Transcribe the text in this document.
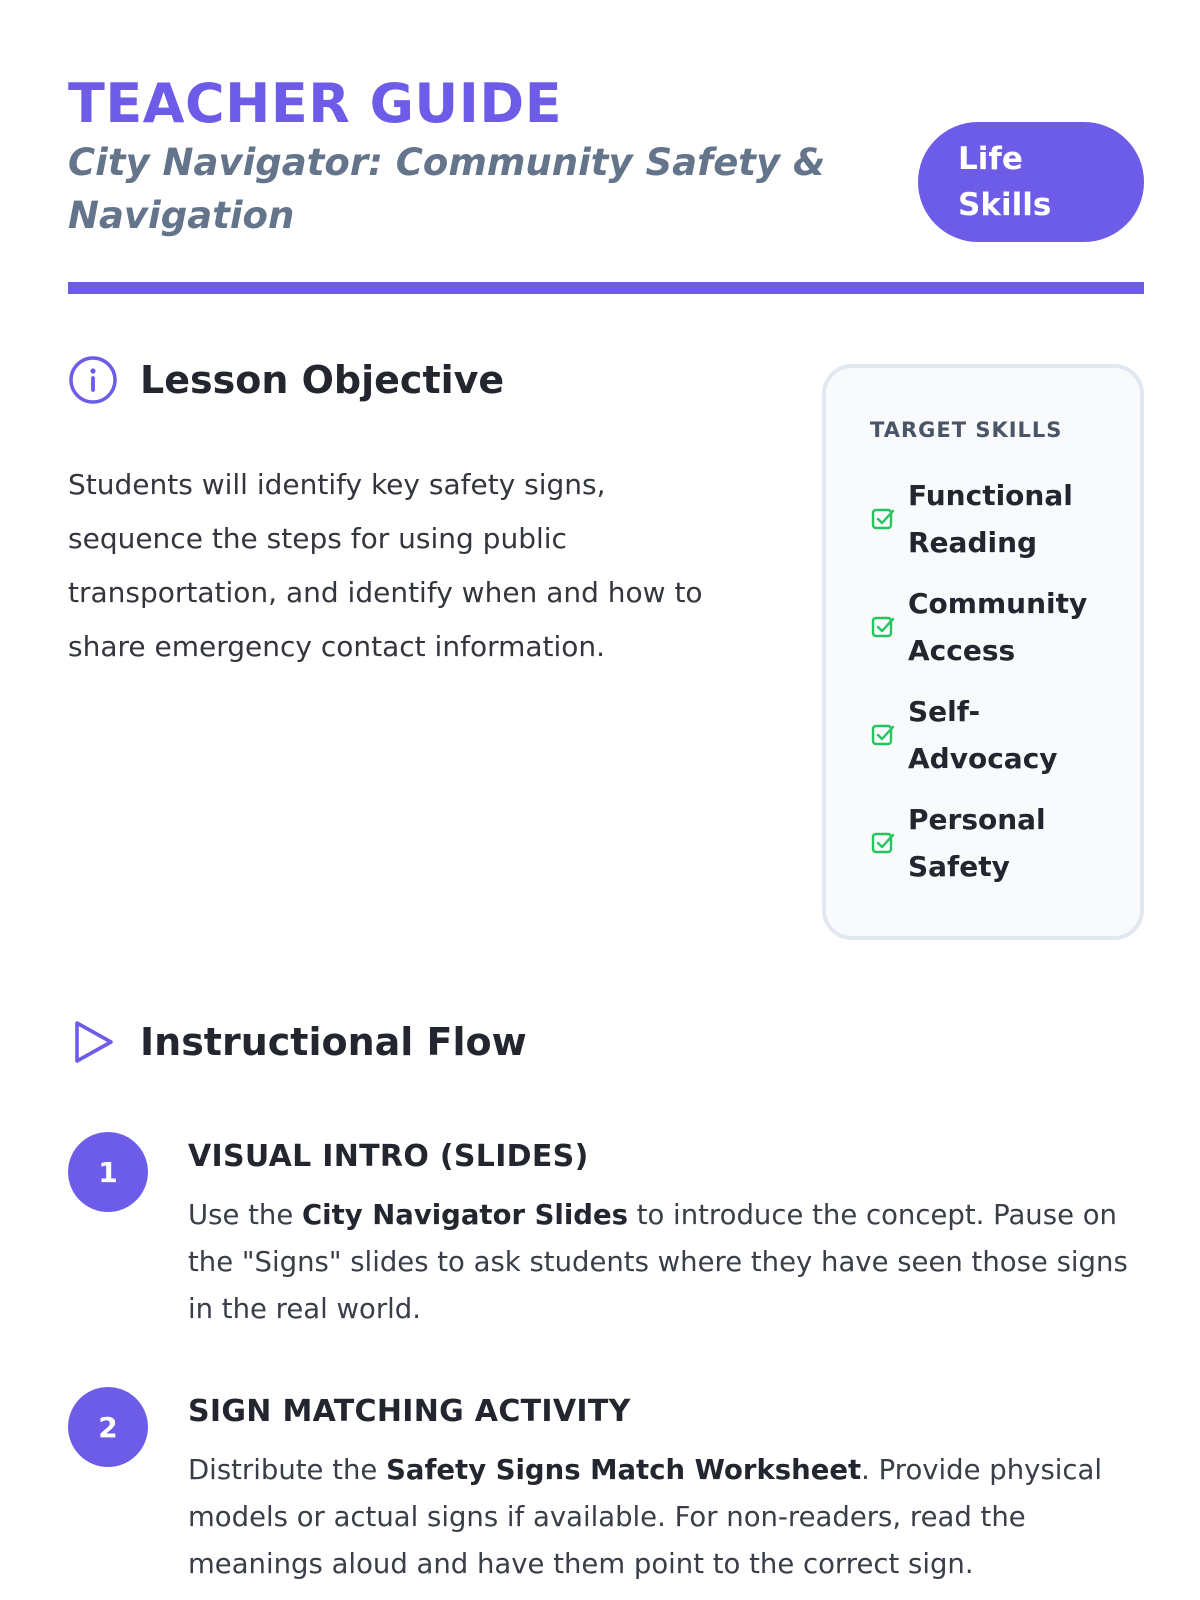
TEACHER GUIDE

City Navigator: Community Safety & Navigation

Life Skills
Lesson Objective

Students will identify key safety signs, sequence the steps for using public transportation, and identify when and how to share emergency contact information.

TARGET SKILLS
Functional Reading
Community Access
Self-Advocacy
Personal Safety
Instructional Flow
1	VISUAL INTRO (SLIDES)

Use the City Navigator Slides to introduce the concept. Pause on the "Signs" slides to ask students where they have seen those signs in the real world.

2	SIGN MATCHING ACTIVITY

Distribute the Safety Signs Match Worksheet. Provide physical models or actual signs if available. For non-readers, read the meanings aloud and have them point to the correct sign.
